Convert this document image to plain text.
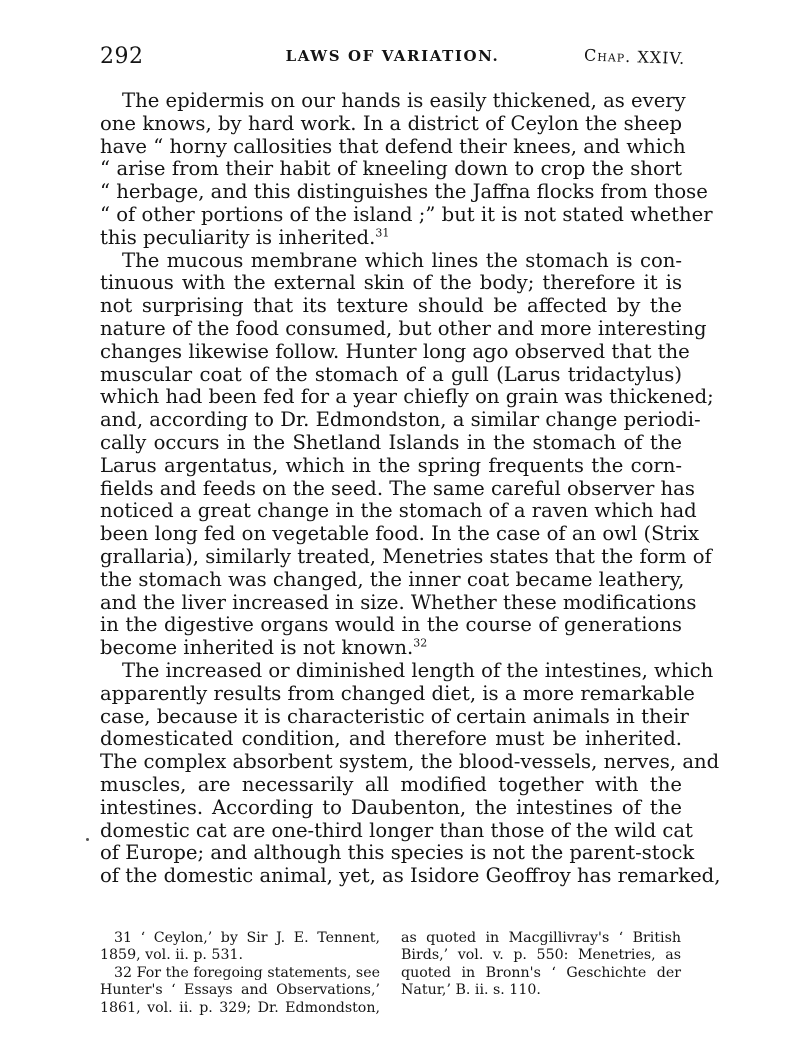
292	LAWS OF VARIATION.	Chap. XXIV.
The epidermis on our hands is easily thickened, as every
one knows, by hard work. In a district of Ceylon the sheep
have “ horny callosities that defend their knees, and which
“ arise from their habit of kneeling down to crop the short
“ herbage, and this distinguishes the Jaffna flocks from those
“ of other portions of the island ;” but it is not stated whether
this peculiarity is inherited.$^{31}$
The mucous membrane which lines the stomach is con-
tinuous with the external skin of the body; therefore it is
not surprising that its texture should be affected by the
nature of the food consumed, but other and more interesting
changes likewise follow. Hunter long ago observed that the
muscular coat of the stomach of a gull (Larus tridactylus)
which had been fed for a year chiefly on grain was thickened;
and, according to Dr. Edmondston, a similar change periodi-
cally occurs in the Shetland Islands in the stomach of the
Larus argentatus, which in the spring frequents the corn-
fields and feeds on the seed. The same careful observer has
noticed a great change in the stomach of a raven which had
been long fed on vegetable food. In the case of an owl (Strix
grallaria), similarly treated, Menetries states that the form of
the stomach was changed, the inner coat became leathery,
and the liver increased in size. Whether these modifications
in the digestive organs would in the course of generations
become inherited is not known.$^{32}$
The increased or diminished length of the intestines, which
apparently results from changed diet, is a more remarkable
case, because it is characteristic of certain animals in their
domesticated condition, and therefore must be inherited.
The complex absorbent system, the blood-vessels, nerves, and
muscles, are necessarily all modified together with the
intestines. According to Daubenton, the intestines of the
domestic cat are one-third longer than those of the wild cat
of Europe; and although this species is not the parent-stock
of the domestic animal, yet, as Isidore Geoffroy has remarked,
31 ‘ Ceylon,’ by Sir J. E. Tennent,
1859, vol. ii. p. 531.
32 For the foregoing statements, see
Hunter's ‘ Essays and Observations,’
1861, vol. ii. p. 329; Dr. Edmondston,
as quoted in Macgillivray's ‘ British
Birds,’ vol. v. p. 550: Menetries, as
quoted in Bronn's ‘ Geschichte der
Natur,’ B. ii. s. 110.
